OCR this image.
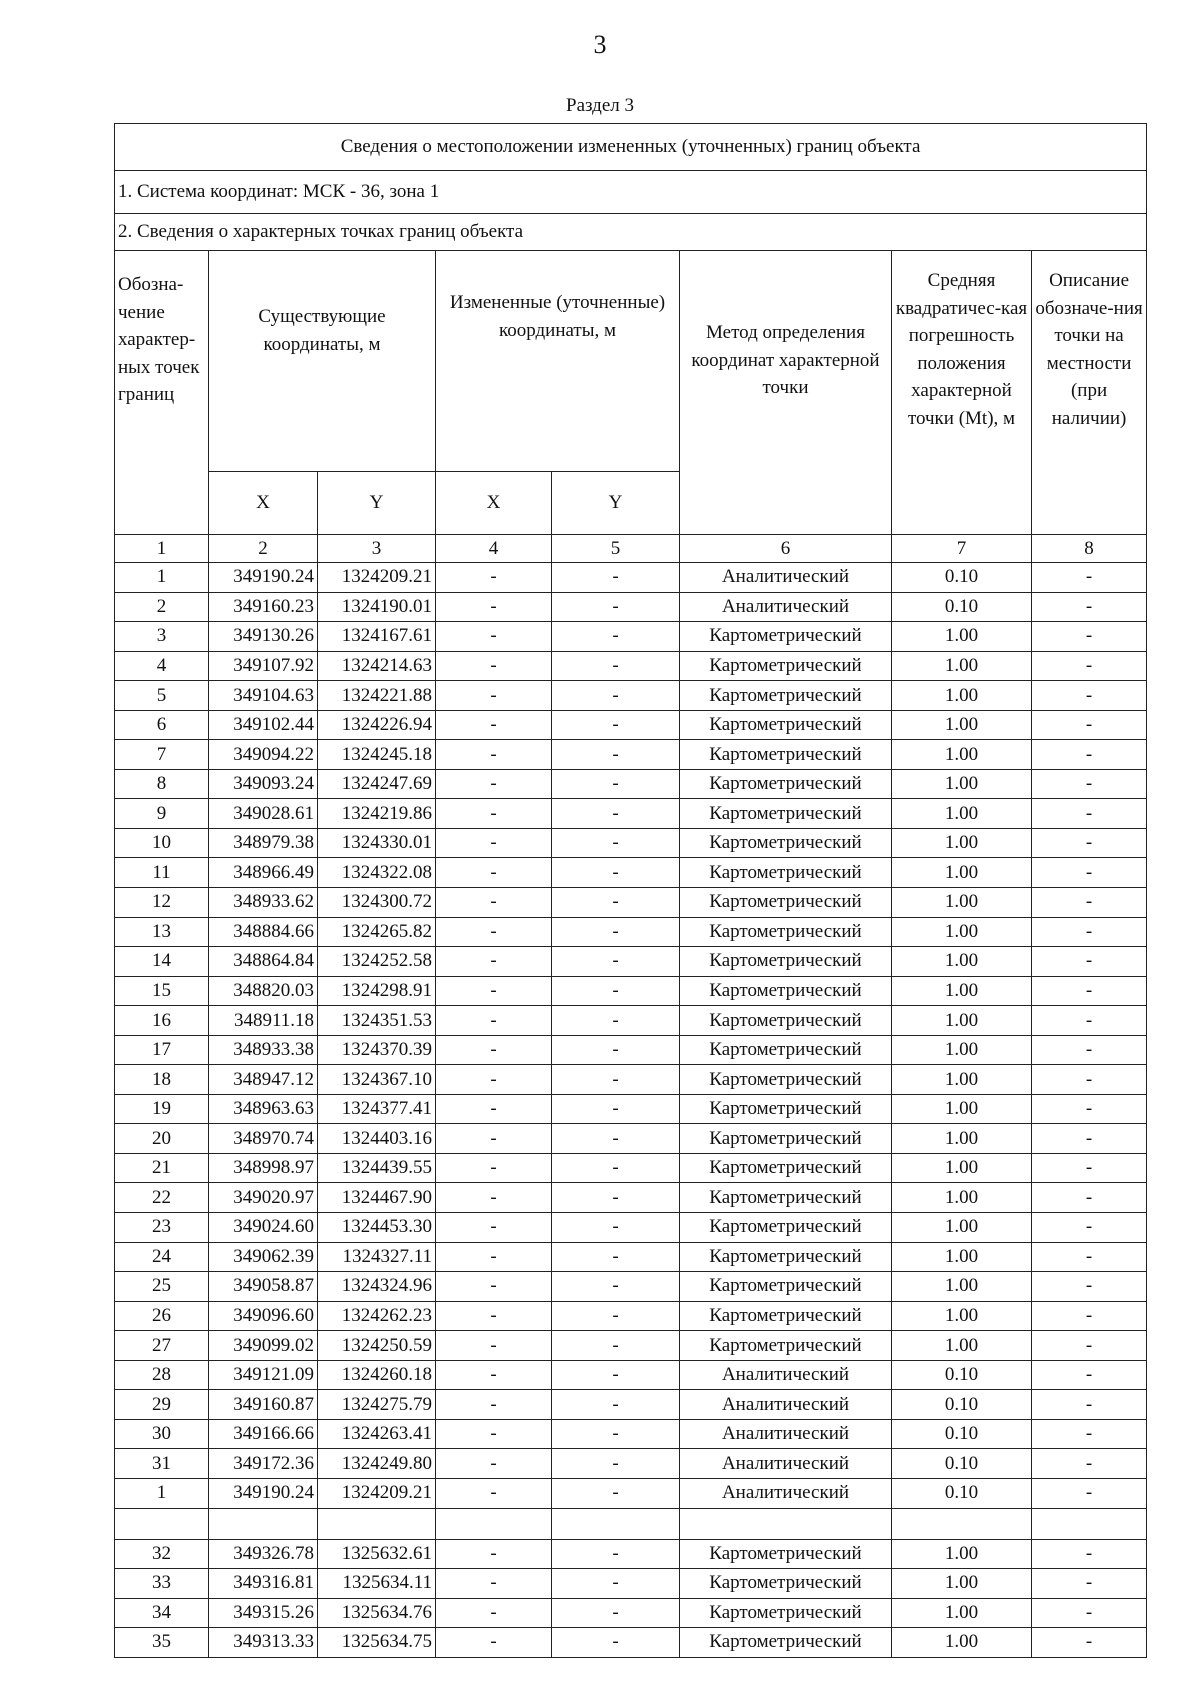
3
Раздел 3
Сведения о местоположении измененных (уточненных) границ объекта							
1. Система координат: МСК - 36, зона 1							
2. Сведения о характерных точках границ объекта							
Обозна-чение характер-ных точек границ	Существующие координаты, м		Измененные (уточненные) координаты, м		Метод определения координат характерной точки	Средняя квадратичес-кая погрешность положения характерной точки (Mt), м	Описание обозначе-ния точки на местности (при наличии)
	X	Y	X	Y			
1	2	3	4	5	6	7	8
1	349190.24	1324209.21	-	-	Аналитический	0.10	-
2	349160.23	1324190.01	-	-	Аналитический	0.10	-
3	349130.26	1324167.61	-	-	Картометрический	1.00	-
4	349107.92	1324214.63	-	-	Картометрический	1.00	-
5	349104.63	1324221.88	-	-	Картометрический	1.00	-
6	349102.44	1324226.94	-	-	Картометрический	1.00	-
7	349094.22	1324245.18	-	-	Картометрический	1.00	-
8	349093.24	1324247.69	-	-	Картометрический	1.00	-
9	349028.61	1324219.86	-	-	Картометрический	1.00	-
10	348979.38	1324330.01	-	-	Картометрический	1.00	-
11	348966.49	1324322.08	-	-	Картометрический	1.00	-
12	348933.62	1324300.72	-	-	Картометрический	1.00	-
13	348884.66	1324265.82	-	-	Картометрический	1.00	-
14	348864.84	1324252.58	-	-	Картометрический	1.00	-
15	348820.03	1324298.91	-	-	Картометрический	1.00	-
16	348911.18	1324351.53	-	-	Картометрический	1.00	-
17	348933.38	1324370.39	-	-	Картометрический	1.00	-
18	348947.12	1324367.10	-	-	Картометрический	1.00	-
19	348963.63	1324377.41	-	-	Картометрический	1.00	-
20	348970.74	1324403.16	-	-	Картометрический	1.00	-
21	348998.97	1324439.55	-	-	Картометрический	1.00	-
22	349020.97	1324467.90	-	-	Картометрический	1.00	-
23	349024.60	1324453.30	-	-	Картометрический	1.00	-
24	349062.39	1324327.11	-	-	Картометрический	1.00	-
25	349058.87	1324324.96	-	-	Картометрический	1.00	-
26	349096.60	1324262.23	-	-	Картометрический	1.00	-
27	349099.02	1324250.59	-	-	Картометрический	1.00	-
28	349121.09	1324260.18	-	-	Аналитический	0.10	-
29	349160.87	1324275.79	-	-	Аналитический	0.10	-
30	349166.66	1324263.41	-	-	Аналитический	0.10	-
31	349172.36	1324249.80	-	-	Аналитический	0.10	-
1	349190.24	1324209.21	-	-	Аналитический	0.10	-

32	349326.78	1325632.61	-	-	Картометрический	1.00	-
33	349316.81	1325634.11	-	-	Картометрический	1.00	-
34	349315.26	1325634.76	-	-	Картометрический	1.00	-
35	349313.33	1325634.75	-	-	Картометрический	1.00	-
